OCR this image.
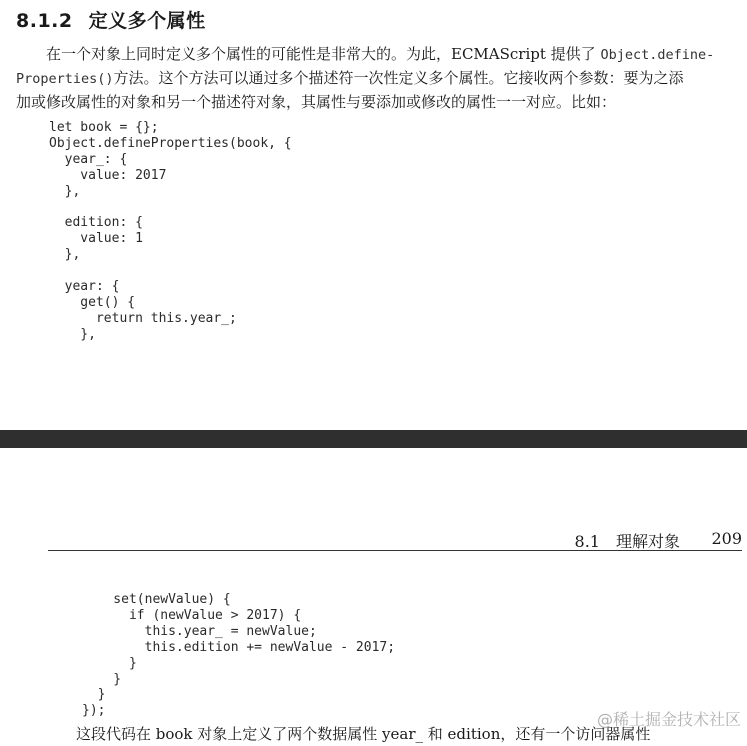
8.1.2 定义多个属性
在一个对象上同时定义多个属性的可能性是非常大的。为此，ECMAScript 提供了 Object.define-
Properties()方法。这个方法可以通过多个描述符一次性定义多个属性。它接收两个参数：要为之添
加或修改属性的对象和另一个描述符对象，其属性与要添加或修改的属性一一对应。比如：
let book = {};
Object.defineProperties(book, {
year_: {
value: 2017
},

edition: {
value: 1
},

year: {
get() {
return this.year_;
},
8.1 理解对象 209
set(newValue) {
if (newValue > 2017) {
this.year_ = newValue;
this.edition += newValue - 2017;
}
}
}
});
这段代码在 book 对象上定义了两个数据属性 year_ 和 edition，还有一个访问器属性
@稀土掘金技术社区
